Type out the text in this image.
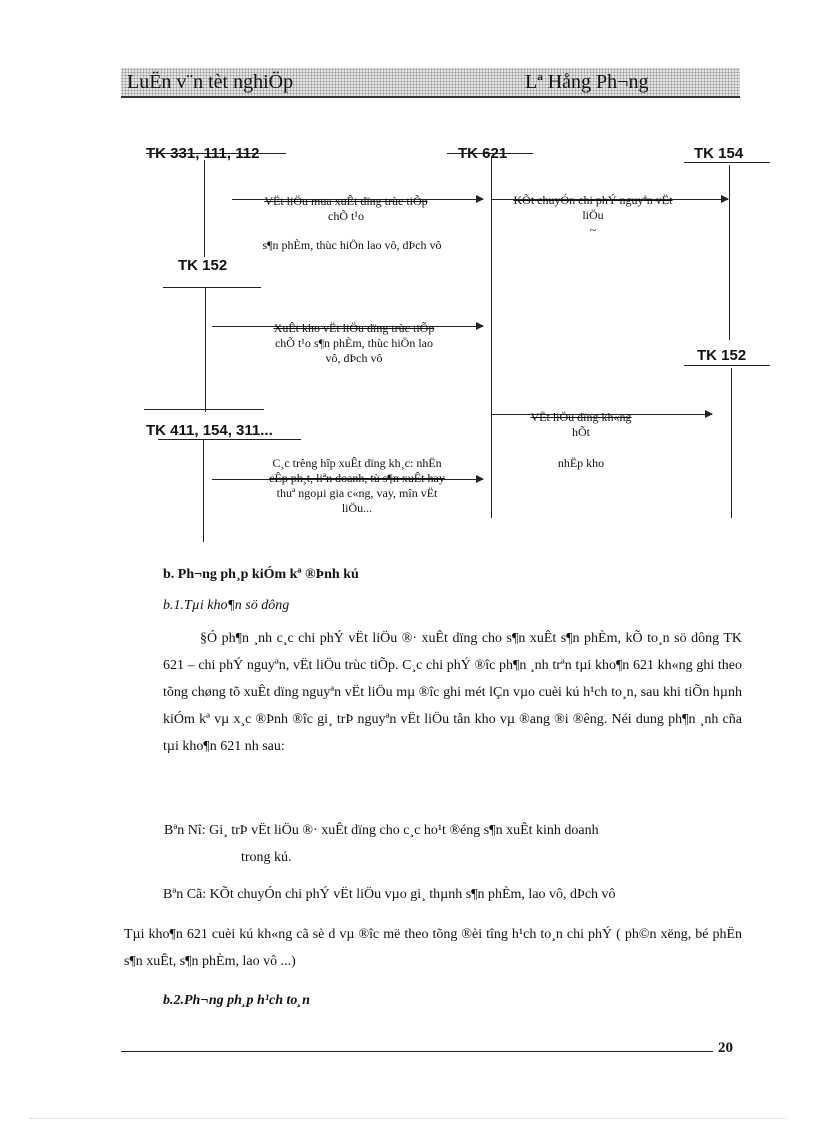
LuËn v¨n tèt nghiÖp	Lª Hång Ph¬ng
TK 331, 111, 112	TK 621	TK 154
TK 152
TK 152
TK 411, 154, 311...
VËt liÖu mua xuÊt dïng trùc tiÕp
chÕ t¹o
s¶n phÈm, thùc hiÖn lao vô, dÞch vô
KÕt chuyÓn chi phÝ nguyªn vËt
liÖu
~
XuÊt kho vËt liÖu dïng trùc tiÕp
chÕ t¹o s¶n phÈm, thùc hiÖn lao
vô, dÞch vô
VËt liÖu dïng kh«ng
hÕt
nhËp kho
C¸c trêng hîp xuÊt dïng kh¸c: nhËn
cÊp ph¸t, liªn doanh, tù s¶n xuÊt hay
thuª ngoµi gia c«ng, vay, mîn vËt
liÖu...
b. Ph¬ng ph¸p kiÓm kª ®Þnh kú
b.1.Tµi kho¶n sö dông
§Ó ph¶n ¸nh c¸c chi phÝ vËt liÖu ®· xuÊt dïng cho s¶n xuÊt s¶n phÈm, kÕ to¸n sö dông TK 621 – chi phÝ nguyªn, vËt liÖu trùc tiÕp. C¸c chi phÝ ®îc ph¶n ¸nh trªn tµi kho¶n 621 kh«ng ghi theo tõng chøng tõ xuÊt dïng nguyªn vËt liÖu mµ ®îc ghi mét lÇn vµo cuèi kú h¹ch to¸n, sau khi tiÕn hµnh kiÓm kª vµ x¸c ®Þnh ®îc gi¸ trÞ nguyªn vËt liÖu tån kho vµ ®ang ®i ®êng. Néi dung ph¶n ¸nh cña tµi kho¶n 621 nh sau:
Bªn Nî: Gi¸ trÞ vËt liÖu ®· xuÊt dïng cho c¸c ho¹t ®éng s¶n xuÊt kinh doanh
trong kú.
Bªn Cã: KÕt chuyÓn chi phÝ vËt liÖu vµo gi¸ thµnh s¶n phÈm, lao vô, dÞch vô
Tµi kho¶n 621 cuèi kú kh«ng cã sè d vµ ®îc më theo tõng ®èi tîng h¹ch to¸n chi phÝ ( ph©n xëng, bé phËn s¶n xuÊt, s¶n phÈm, lao vô ...)
b.2.Ph¬ng ph¸p h¹ch to¸n
20
